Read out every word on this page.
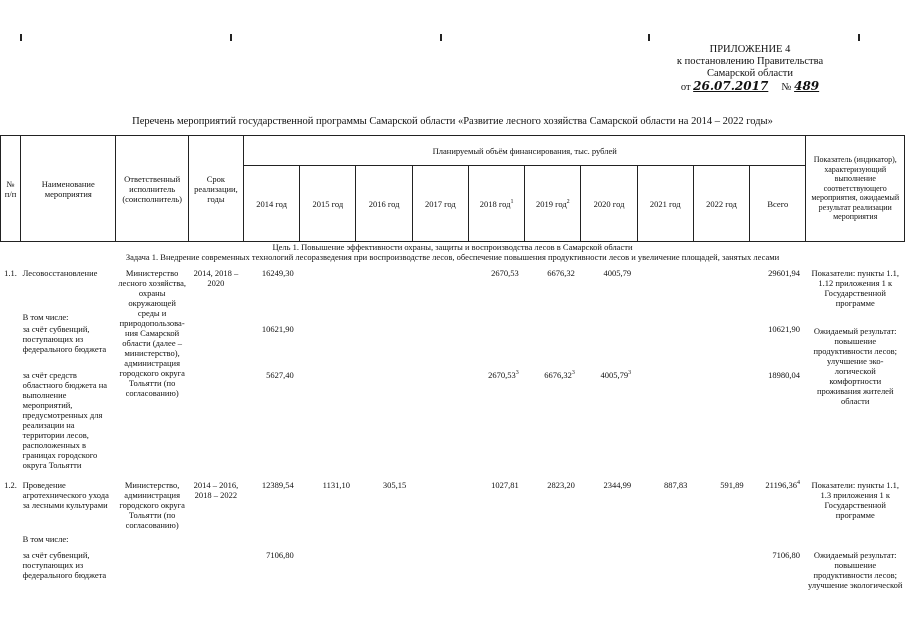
ПРИЛОЖЕНИЕ 4
к постановлению Правительства
Самарской области
от 26.07.2017 № 489
Перечень мероприятий государственной программы Самарской области «Развитие лесного хозяйства Самарской области на 2014 – 2022 годы»
№ п/п	Наименование мероприятия	Ответственный исполнитель (соисполнитель)	Срок реализации, годы	Планируемый объём финансирования, тыс. рублей										Показатель (индикатор), характеризующий выполнение соответствующего мероприятия, ожидаемый результат реализации мероприятия
				2014 год	2015 год	2016 год	2017 год	2018 год$^1$	2019 год$^2$	2020 год	2021 год	2022 год	Всего	
Цель 1. Повышение эффективности охраны, защиты и воспроизводства лесов в Самарской области														
Задача 1. Внедрение современных технологий лесоразведения при воспроизводстве лесов, обеспечение повышения продуктивности лесов и увеличение площадей, занятых лесами														
1.1.	Лесовосстановление	Министерство лесного хозяйства, охраны окружающей среды и природопользова-ния Самарской области (далее – министерство), администрация городского округа Тольятти (по согласованию)	2014, 2018 – 2020	16249,30				2670,53	6676,32	4005,79			29601,94	Показатели: пункты 1.1, 1.12 приложения 1 к Государственной программе
	В том числе:													
	за счёт субвенций, поступающих из федерального бюджета			10621,90									10621,90	Ожидаемый результат: повышение продуктивности лесов; улучшение эко-логической комфортности проживания жителей области
	за счёт средств областного бюджета на выполнение мероприятий, предусмотренных для реализации на территории лесов, расположенных в границах городского округа Тольятти			5627,40				2670,53$^3$	6676,32$^3$	4005,79$^3$			18980,04	
1.2.	Проведение агротехнического ухода за лесными культурами	Министерство, администрация городского округа Тольятти (по согласованию)	2014 – 2016, 2018 – 2022	12389,54	1131,10	305,15		1027,81	2823,20	2344,99	887,83	591,89	21196,36$^4$	Показатели: пункты 1.1, 1.3 приложения 1 к Государственной программе
	В том числе:													
	за счёт субвенций, поступающих из федерального бюджета			7106,80									7106,80	Ожидаемый результат: повышение продуктивности лесов; улучшение экологической
